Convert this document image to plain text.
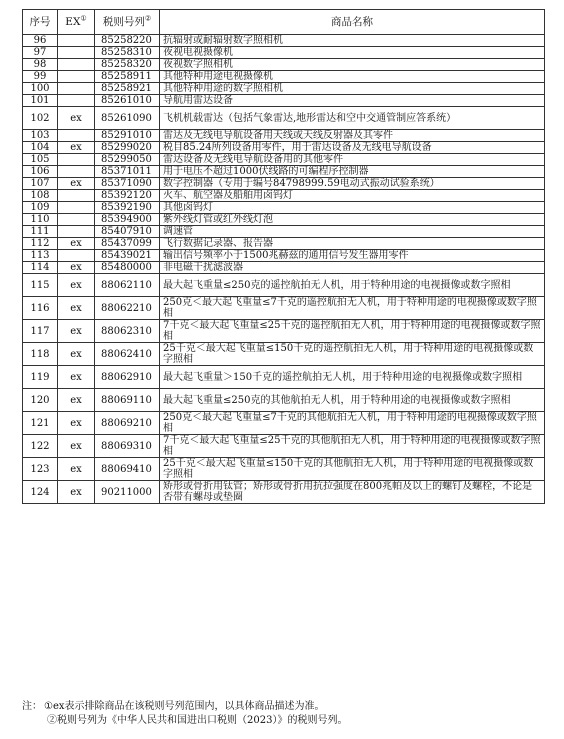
序号	EX①	税则号列②	商品名称
96		85258220	抗辐射或耐辐射数字照相机
97		85258310	夜视电视摄像机
98		85258320	夜视数字照相机
99		85258911	其他特种用途电视摄像机
100		85258921	其他特种用途的数字照相机
101		85261010	导航用雷达设备
102	ex	85261090	飞机机载雷达（包括气象雷达,地形雷达和空中交通管制应答系统）
103		85291010	雷达及无线电导航设备用天线或天线反射器及其零件
104	ex	85299020	税目85.24所列设备用零件，用于雷达设备及无线电导航设备
105		85299050	雷达设备及无线电导航设备用的其他零件
106		85371011	用于电压不超过1000伏线路的可编程序控制器
107	ex	85371090	数字控制器（专用于编号84798999.59电动式振动试验系统）
108		85392120	火车、航空器及船舶用卤钨灯
109		85392190	其他卤钨灯
110		85394900	紫外线灯管或红外线灯泡
111		85407910	调速管
112	ex	85437099	飞行数据记录器、报告器
113		85439021	输出信号频率小于1500兆赫兹的通用信号发生器用零件
114	ex	85480000	非电磁干扰滤波器
115	ex	88062110	最大起飞重量≤250克的遥控航拍无人机，用于特种用途的电视摄像或数字照相
116	ex	88062210	250克＜最大起飞重量≤7千克的遥控航拍无人机，用于特种用途的电视摄像或数字照相
117	ex	88062310	7千克＜最大起飞重量≤25千克的遥控航拍无人机，用于特种用途的电视摄像或数字照相
118	ex	88062410	25千克＜最大起飞重量≤150千克的遥控航拍无人机，用于特种用途的电视摄像或数字照相
119	ex	88062910	最大起飞重量＞150千克的遥控航拍无人机，用于特种用途的电视摄像或数字照相
120	ex	88069110	最大起飞重量≤250克的其他航拍无人机，用于特种用途的电视摄像或数字照相
121	ex	88069210	250克＜最大起飞重量≤7千克的其他航拍无人机，用于特种用途的电视摄像或数字照相
122	ex	88069310	7千克＜最大起飞重量≤25千克的其他航拍无人机，用于特种用途的电视摄像或数字照相
123	ex	88069410	25千克＜最大起飞重量≤150千克的其他航拍无人机，用于特种用途的电视摄像或数字照相
124	ex	90211000	矫形或骨折用钛管；矫形或骨折用抗拉强度在800兆帕及以上的螺钉及螺栓，不论是否带有螺母或垫圈
注： ①ex表示排除商品在该税则号列范围内，以具体商品描述为准。
②税则号列为《中华人民共和国进出口税则（2023）》的税则号列。
